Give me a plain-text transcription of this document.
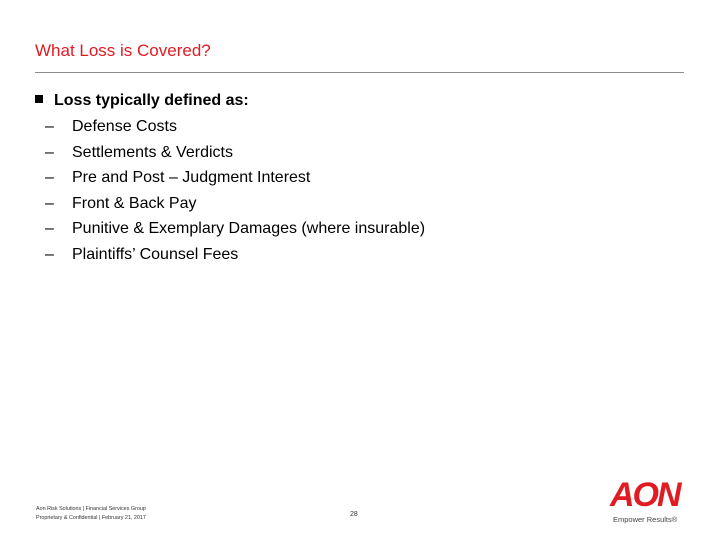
What Loss is Covered?
Loss typically defined as:
– Defense Costs
– Settlements & Verdicts
– Pre and Post – Judgment Interest
– Front & Back Pay
– Punitive & Exemplary Damages (where insurable)
– Plaintiffs’ Counsel Fees
Aon Risk Solutions | Financial Services Group
Proprietary & Confidential | February 21, 2017	28
AON
Empower Results®
